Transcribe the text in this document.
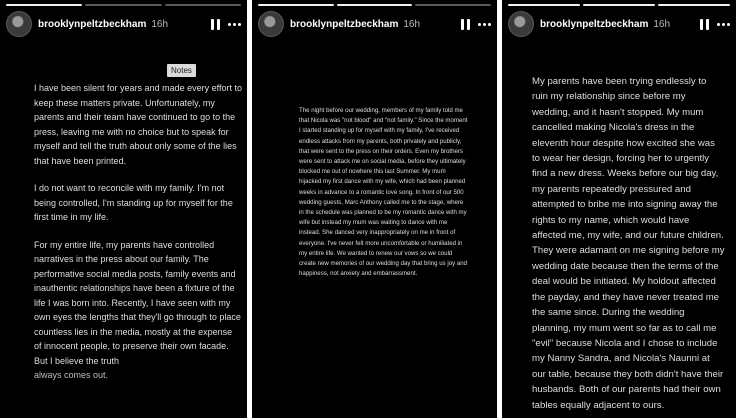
brooklynpeltzbeckham 16h
Notes

I have been silent for years and made every effort to keep these matters private. Unfortunately, my parents and their team have continued to go to the press, leaving me with no choice but to speak for myself and tell the truth about only some of the lies that have been printed.

I do not want to reconcile with my family. I'm not being controlled, I'm standing up for myself for the first time in my life.

For my entire life, my parents have controlled narratives in the press about our family. The performative social media posts, family events and inauthentic relationships have been a fixture of the life I was born into. Recently, I have seen with my own eyes the lengths that they'll go through to place countless lies in the media, mostly at the expense of innocent people, to preserve their own facade. But I believe the truth
always comes out.

brooklynpeltzbeckham 16h

The night before our wedding, members of my family told me that Nicola was "not blood" and "not family." Since the moment I started standing up for myself with my family, I've received endless attacks from my parents, both privately and publicly, that were sent to the press on their orders. Even my brothers were sent to attack me on social media, before they ultimately blocked me out of nowhere this last Summer. My mum hijacked my first dance with my wife, which had been planned weeks in advance to a romantic love song. In front of our 500 wedding guests, Marc Anthony called me to the stage, where in the schedule was planned to be my romantic dance with my wife but instead my mum was waiting to dance with me instead. She danced very inappropriately on me in front of everyone. I've never felt more uncomfortable or humiliated in my entire life. We wanted to renew our vows so we could create new memories of our wedding day that bring us joy and happiness, not anxiety and embarrassment.

brooklynpeltzbeckham 16h

My parents have been trying endlessly to ruin my relationship since before my wedding, and it hasn't stopped. My mum cancelled making Nicola's dress in the eleventh hour despite how excited she was to wear her design, forcing her to urgently find a new dress. Weeks before our big day, my parents repeatedly pressured and attempted to bribe me into signing away the rights to my name, which would have affected me, my wife, and our future children. They were adamant on me signing before my wedding date because then the terms of the deal would be initiated. My holdout affected the payday, and they have never treated me the same since. During the wedding planning, my mum went so far as to call me "evil" because Nicola and I chose to include my Nanny Sandra, and Nicola's Naunni at our table, because they both didn't have their husbands. Both of our parents had their own tables equally adjacent to ours.
